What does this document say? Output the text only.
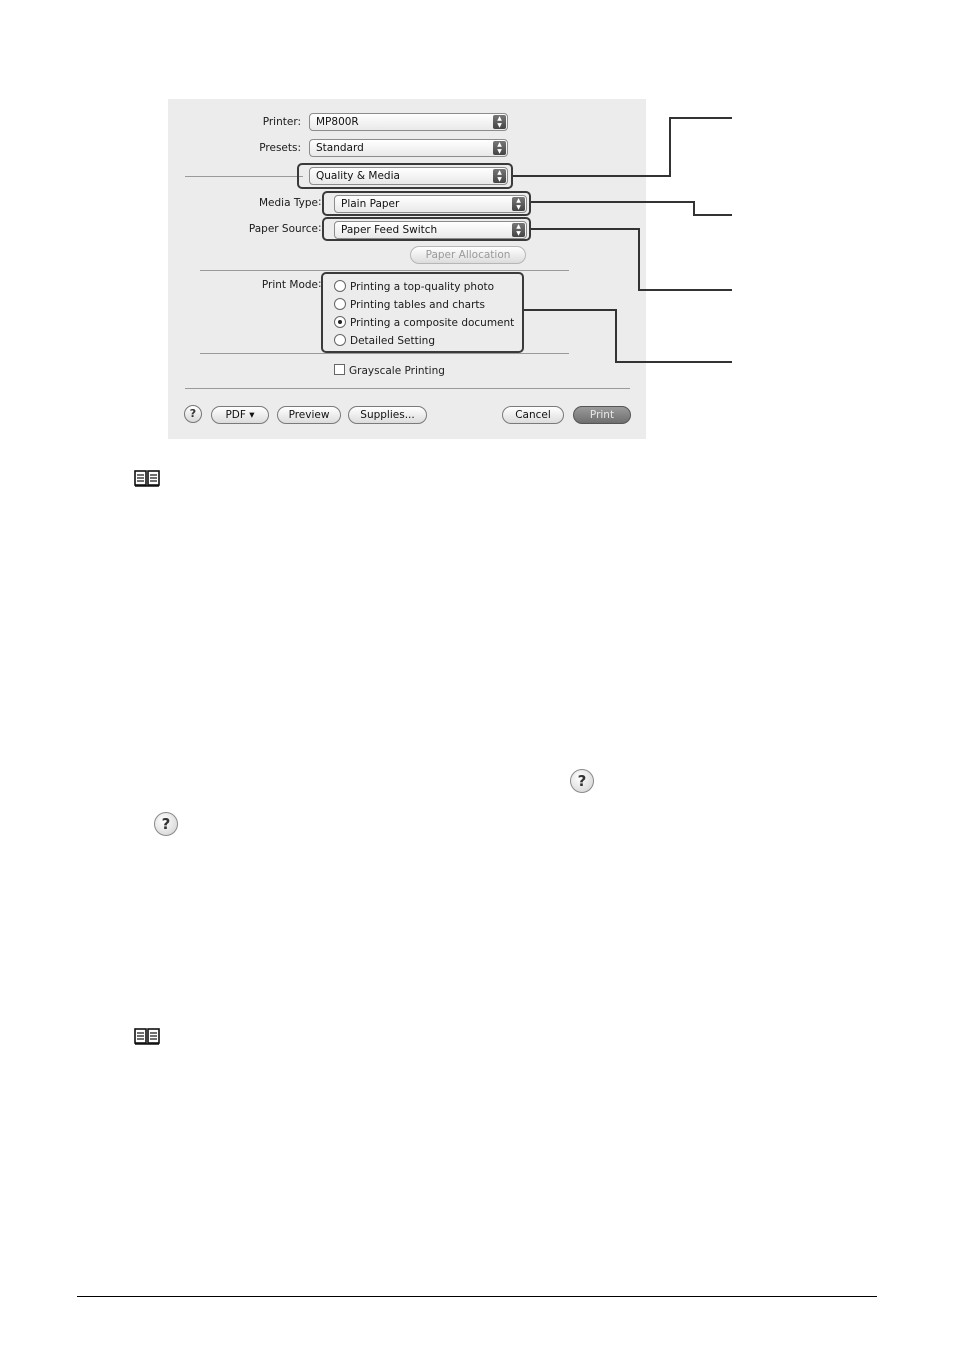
Printer:	MP800R	▲
▼
Presets:	Standard	▲
▼
Quality & Media	▲
▼
Media Type :	Plain Paper	▲
▼
Paper Source :	Paper Feed Switch	▲
▼
Paper Allocation
Print Mode :	Printing a top-quality photo
Printing tables and charts
Printing a composite document
Detailed Setting
Grayscale Printing
?	PDF ▾	Preview	Supplies...	Cancel	Print
?
?
